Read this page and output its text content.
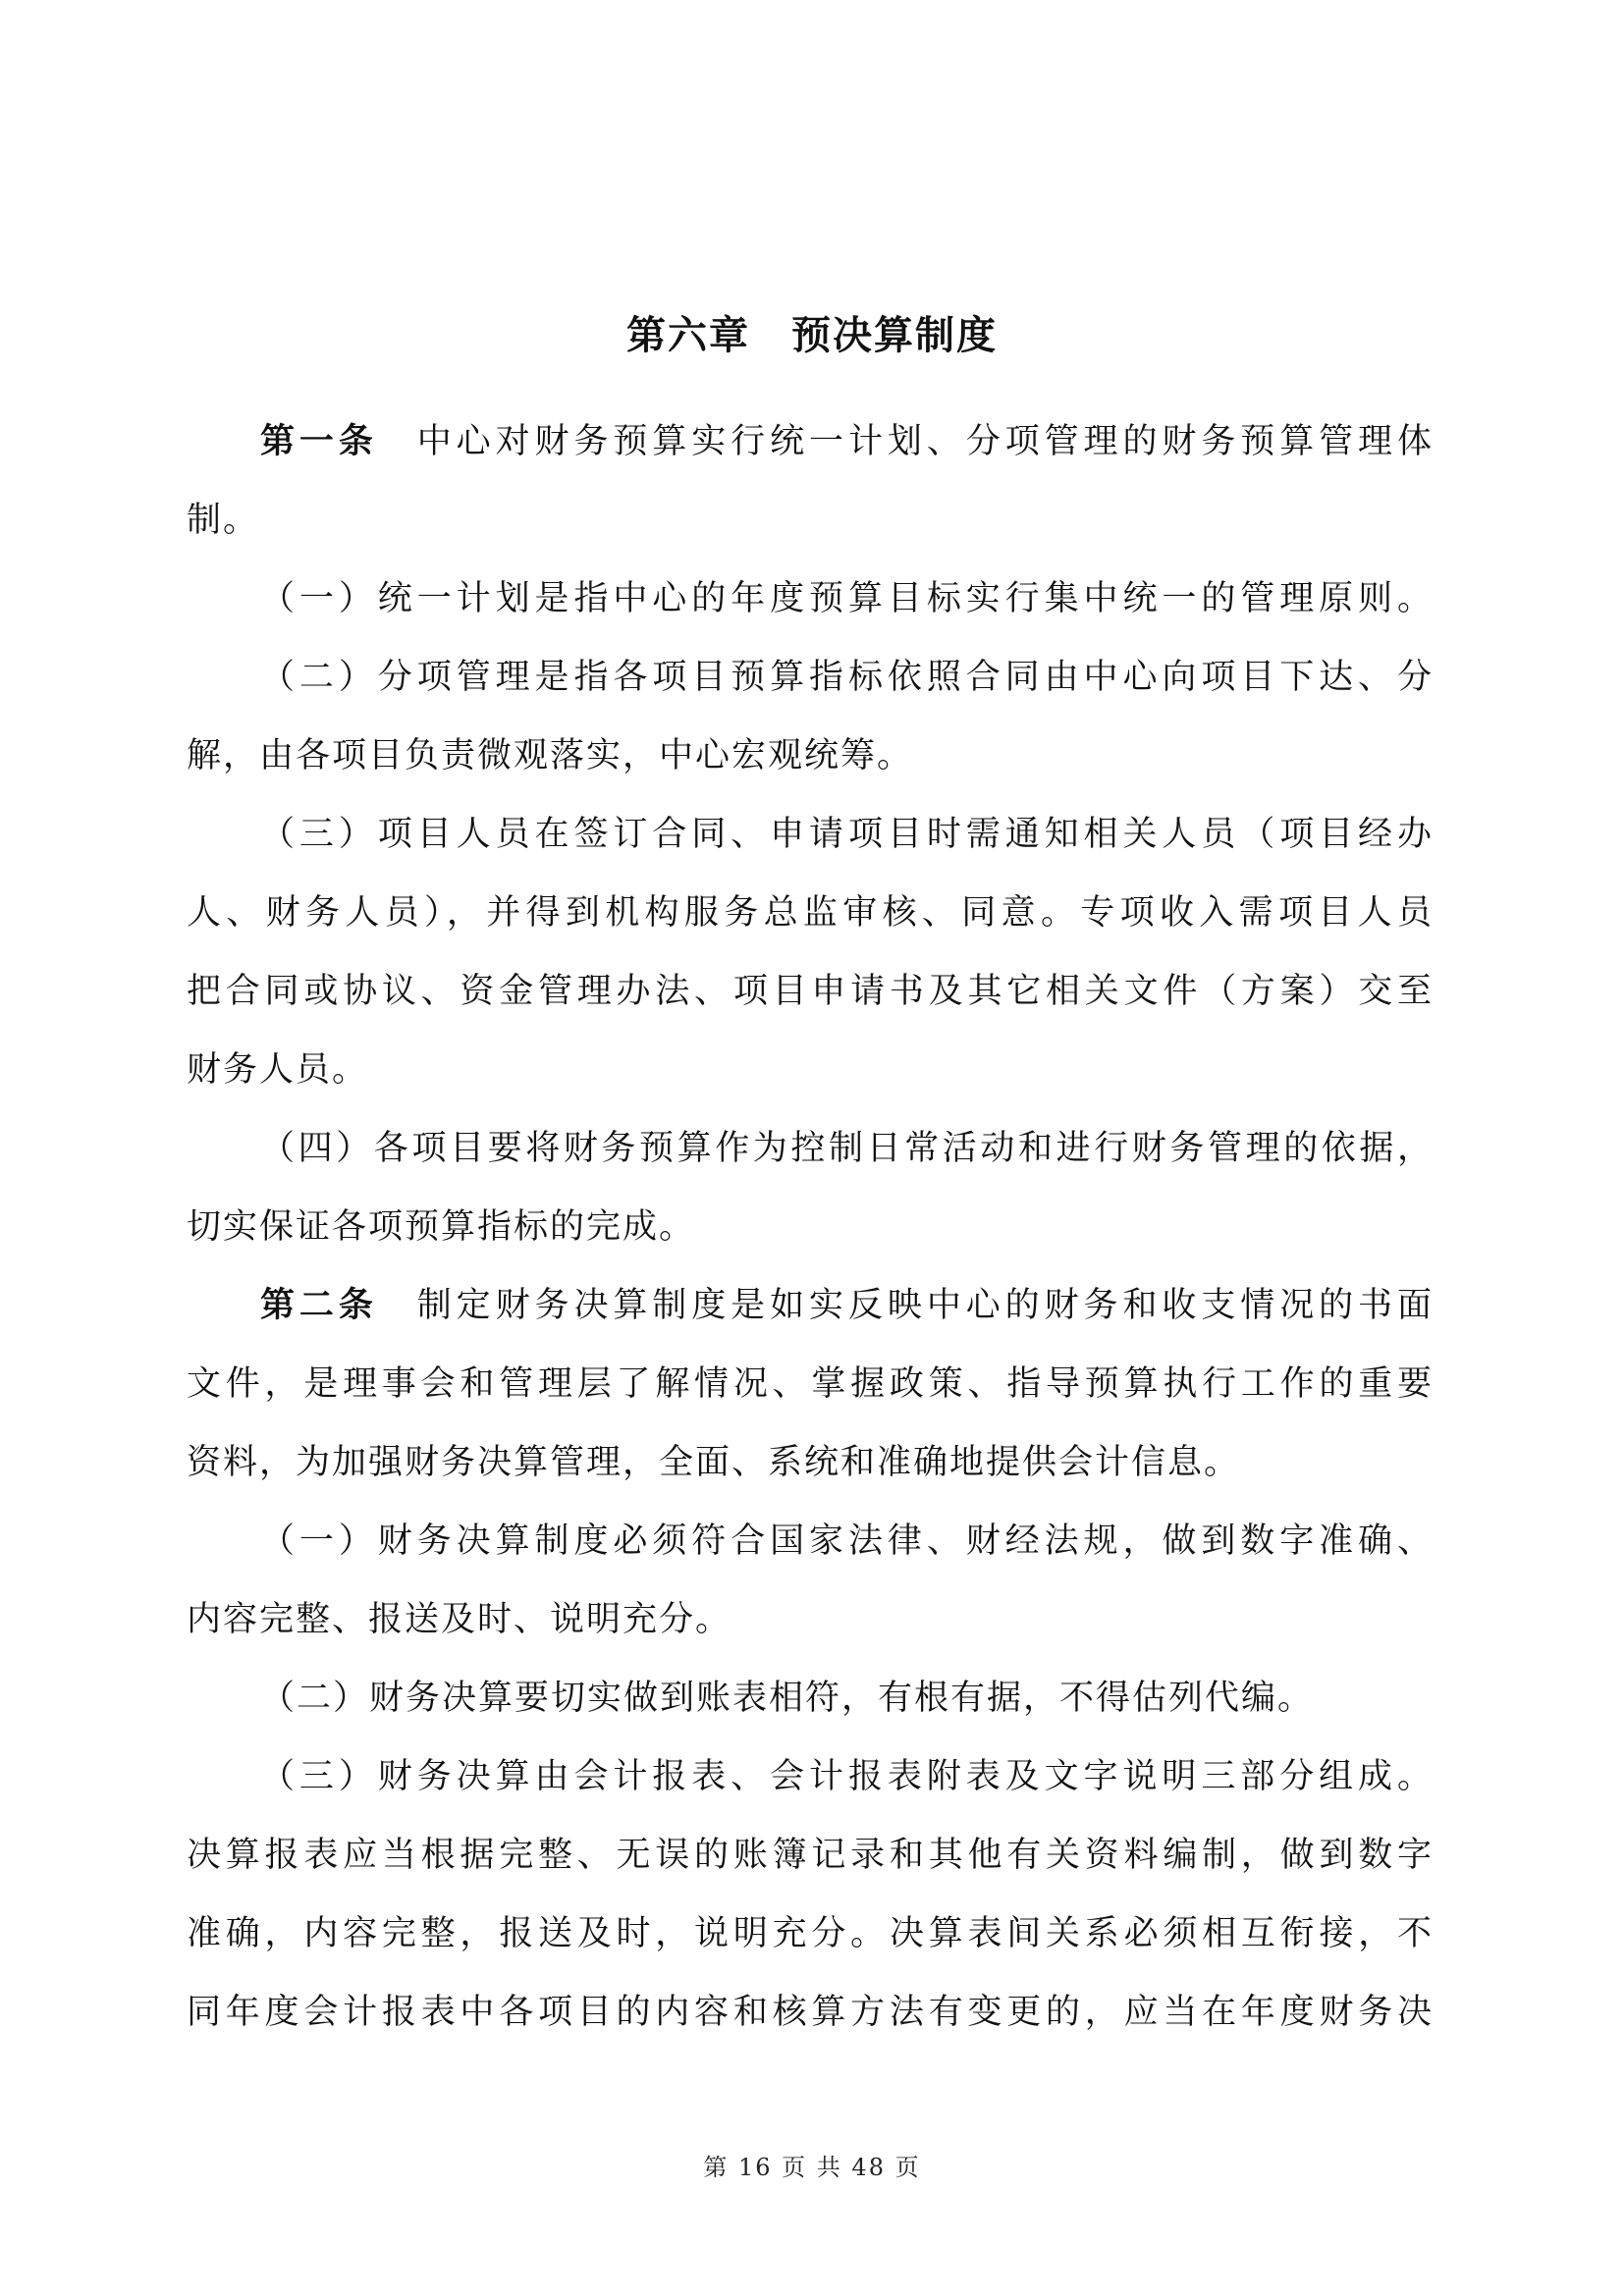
第六章　预决算制度
第一条　中心对财务预算实行统一计划、分项管理的财务预算管理体
制。
（一）统一计划是指中心的年度预算目标实行集中统一的管理原则。
（二）分项管理是指各项目预算指标依照合同由中心向项目下达、分
解，由各项目负责微观落实，中心宏观统筹。
（三）项目人员在签订合同、申请项目时需通知相关人员（项目经办
人、财务人员），并得到机构服务总监审核、同意。专项收入需项目人员
把合同或协议、资金管理办法、项目申请书及其它相关文件（方案）交至
财务人员。
（四）各项目要将财务预算作为控制日常活动和进行财务管理的依据，
切实保证各项预算指标的完成。
第二条　制定财务决算制度是如实反映中心的财务和收支情况的书面
文件，是理事会和管理层了解情况、掌握政策、指导预算执行工作的重要
资料，为加强财务决算管理，全面、系统和准确地提供会计信息。
（一）财务决算制度必须符合国家法律、财经法规，做到数字准确、
内容完整、报送及时、说明充分。
（二）财务决算要切实做到账表相符，有根有据，不得估列代编。
（三）财务决算由会计报表、会计报表附表及文字说明三部分组成。
决算报表应当根据完整、无误的账簿记录和其他有关资料编制，做到数字
准确，内容完整，报送及时，说明充分。决算表间关系必须相互衔接，不
同年度会计报表中各项目的内容和核算方法有变更的，应当在年度财务决
第 16 页 共 48 页
